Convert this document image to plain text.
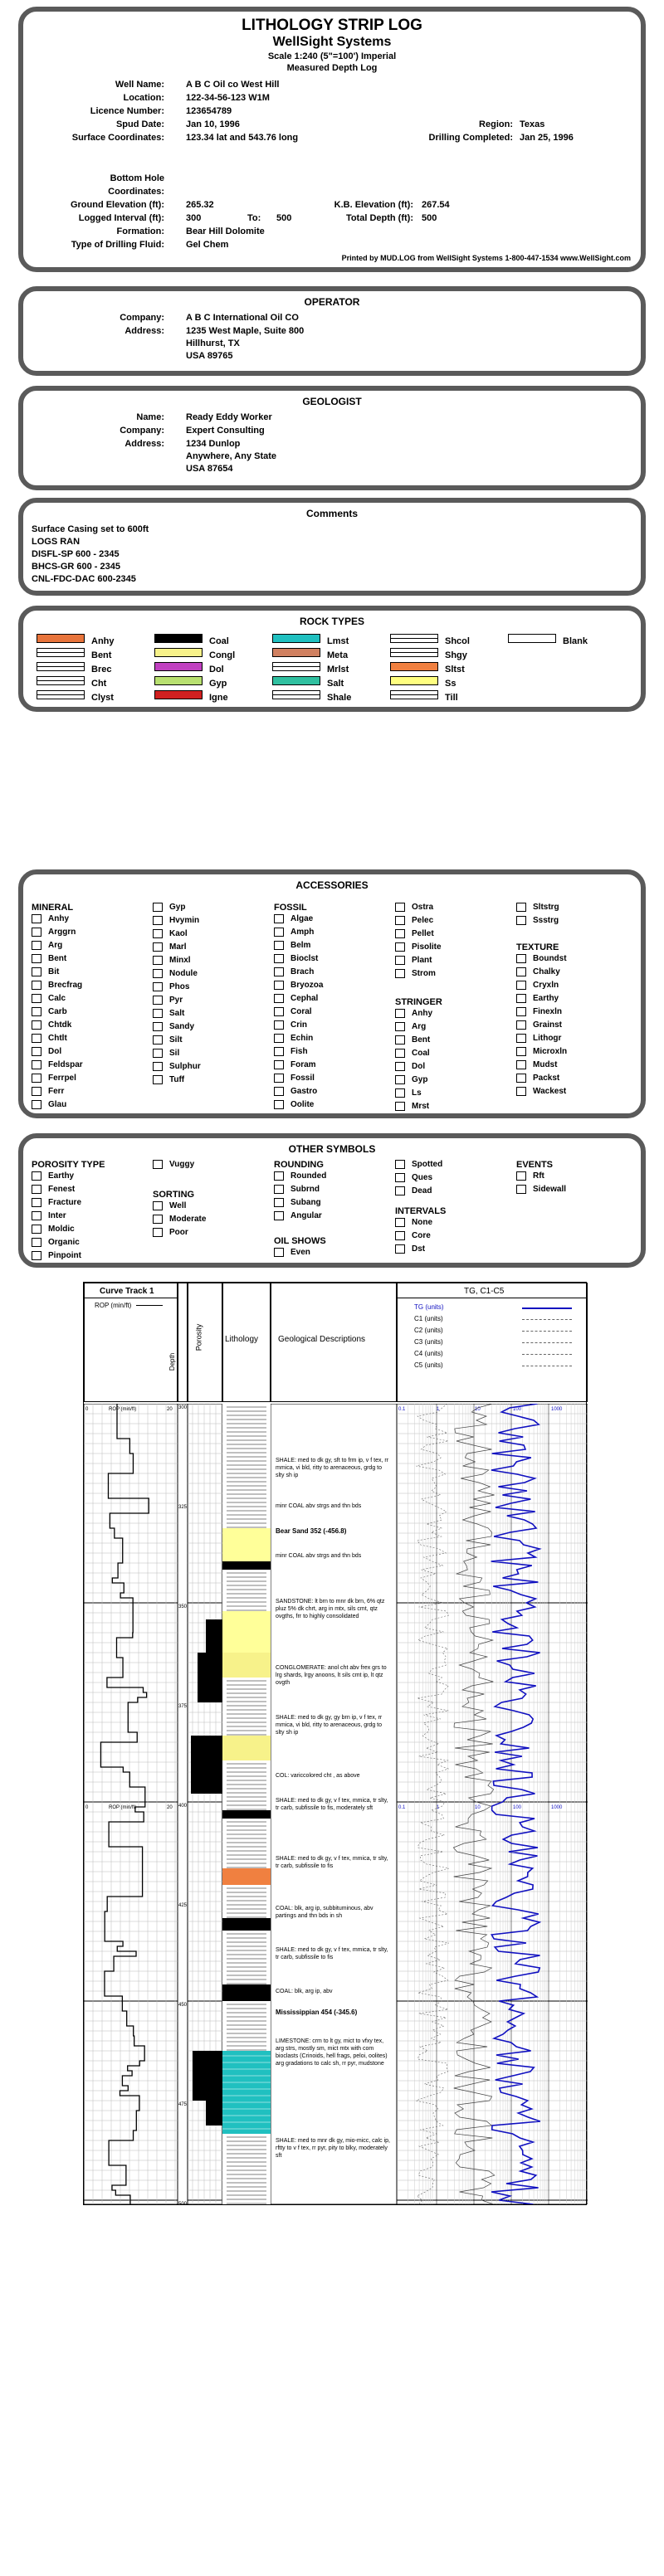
LITHOLOGY STRIP LOG
WellSight Systems
Scale 1:240 (5"=100') Imperial
Measured Depth Log
Well Name: A B C Oil co West Hill
Location: 122-34-56-123 W1M
Licence Number: 123654789
Spud Date: Jan 10, 1996
Surface Coordinates: 123.34 lat and 543.76 long
Region: Texas
Drilling Completed: Jan 25, 1996
Bottom Hole
Coordinates:
Ground Elevation (ft): 265.32	K.B. Elevation (ft): 267.54
Logged Interval (ft): 300	To: 500	Total Depth (ft): 500
Formation: Bear Hill Dolomite
Type of Drilling Fluid: Gel Chem
Printed by MUD.LOG from WellSight Systems 1-800-447-1534 www.WellSight.com
OPERATOR
Company: A B C International Oil CO
Address: 1235 West Maple, Suite 800
Hillhurst, TX
USA 89765
GEOLOGIST
Name: Ready Eddy Worker
Company: Expert Consulting
Address: 1234 Dunlop
Anywhere, Any State
USA 87654
Comments
Surface Casing set to 600ft
LOGS RAN
DISFL-SP 600 - 2345
BHCS-GR 600 - 2345
CNL-FDC-DAC 600-2345
ROCK TYPES
Anhy
Bent
Brec
Cht
Clyst
Coal
Congl
Dol
Gyp
Igne
Lmst
Meta
Mrlst
Salt
Shale
Shcol
Shgy
Sltst
Ss
Till
Blank
ACCESSORIES
MINERAL	FOSSIL
STRINGER
TEXTURE
Anhy
Arggrn
Arg
Bent
Bit
Brecfrag
Calc
Carb
Chtdk
Chtlt
Dol
Feldspar
Ferrpel
Ferr
Glau
Gyp
Hvymin
Kaol
Marl
Minxl
Nodule
Phos
Pyr
Salt
Sandy
Silt
Sil
Sulphur
Tuff
Algae
Amph
Belm
Bioclst
Brach
Bryozoa
Cephal
Coral
Crin
Echin
Fish
Foram
Fossil
Gastro
Oolite
Ostra
Pelec
Pellet
Pisolite
Plant
Strom
Anhy
Arg
Bent
Coal
Dol
Gyp
Ls
Mrst
Sltstrg
Ssstrg
Boundst
Chalky
Cryxln
Earthy
Finexln
Grainst
Lithogr
Microxln
Mudst
Packst
Wackest
OTHER SYMBOLS
POROSITY TYPE
SORTING
ROUNDING
OIL SHOWS
INTERVALS
EVENTS
Earthy
Fenest
Fracture
Inter
Moldic
Organic
Pinpoint
Vuggy
Well
Moderate
Poor
Rounded
Subrnd
Subang
Angular
Even
Spotted
Ques
Dead
None
Core
Dst
Rft
Sidewall
Curve Track 1
ROP (min/ft)
Depth
Porosity	Lithology Geological Descriptions
TG, C1-C5
TG (units)
C1 (units)
C2 (units)
C3 (units)
C4 (units)
C5 (units)
300
325
350
375
400
425
450
475
500
0	20
ROP (min/ft)	0.1	1	10	100	1000
0	20
ROP (min/ft)	0.1	1	10	100	1000
SHALE: med to dk gy, sft to frm ip, v f tex, rr mmica, vi bld, ritty to arenaceous, grdg to slty sh ip
minr COAL abv strgs and thn bds
Bear Sand 352 (-456.8)
minr COAL abv strgs and thn bds
SANDSTONE: lt brn to mnr dk brn, 6% qtz pluz 5% dk chrt, arg in mtx, sils cmt, qtz ovgths, frr to highly consolidated
CONGLOMERATE: anol cht abv frex grs to lrg shards, lrgy anoons, lt sils cmt ip, lt qtz ovgth
SHALE: med to dk gy, gy brn ip, v f tex, rr mmica, vi bld, ritty to arenaceous, grdg to slty sh ip
COL: variccolored cht , as above
SHALE: med to dk gy, v f tex, mmica, tr slty, tr carb, subfissile to fis, moderately sft
SHALE: med to dk gy, v f tex, mmica, tr slty, tr carb, subfissile to fis
COAL: blk, arg ip, subbituminous, abv partings and thn bds in sh
SHALE: med to dk gy, v f tex, mmica, tr slty, tr carb, subfissile to fis
COAL: blk, arg ip, abv
Mississippian 454 (-345.6)
LIMESTONE: crm to lt gy, mict to vfxy tex, arg strs, mostly sm, mict mtx with com bioclasts (Crinoids, hell frags, peloi, oolites) arg gradations to calc sh, rr pyr, mudstone
SHALE: med to mnr dk gy, mio-micc, calc ip, rftty to v f tex, rr pyr, pity to blky, moderately sft
